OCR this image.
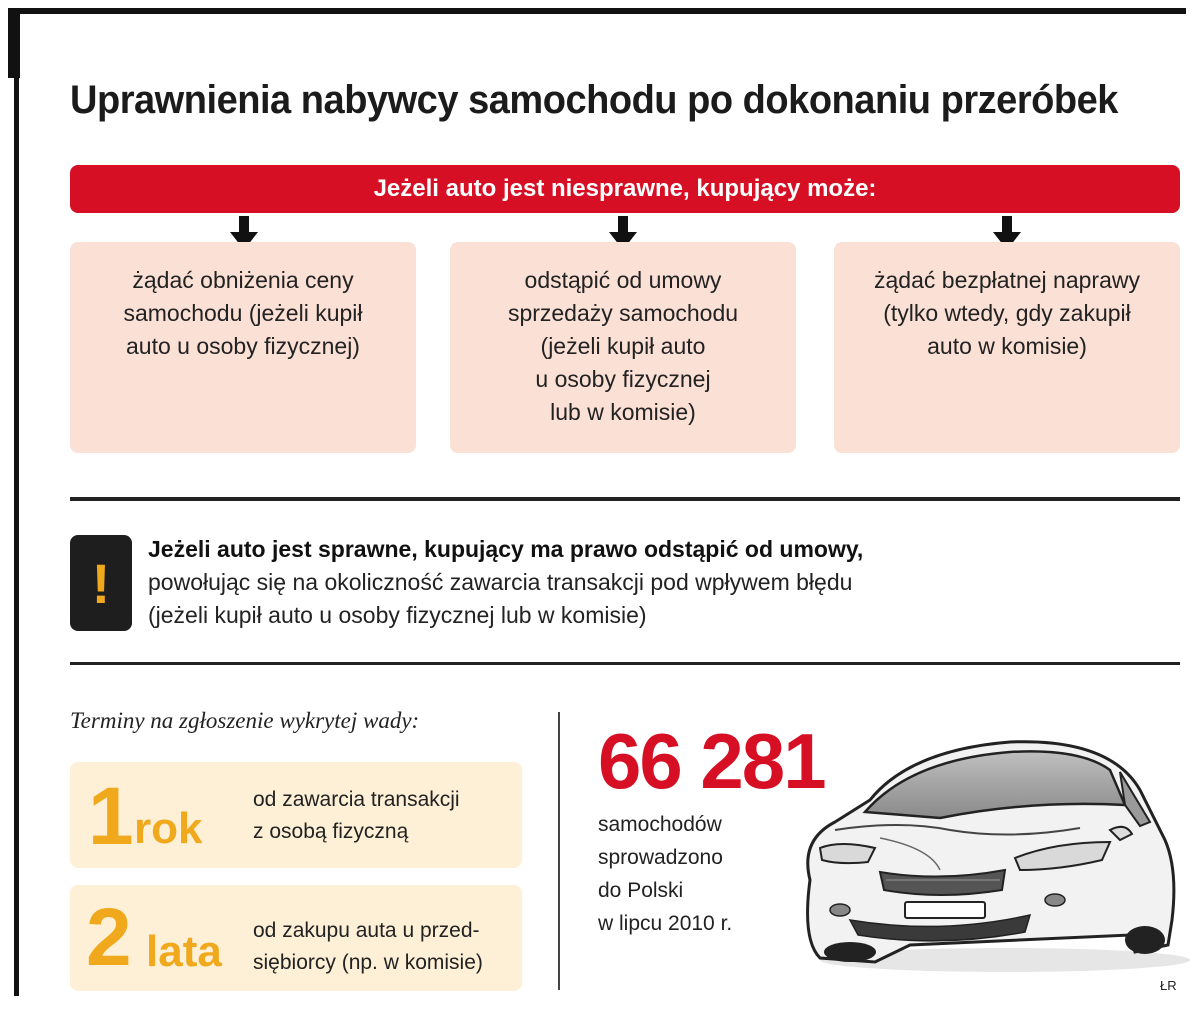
Uprawnienia nabywcy samochodu po dokonaniu przeróbek
Jeżeli auto jest niesprawne, kupujący może:
żądać obniżenia ceny
samochodu (jeżeli kupił
auto u osoby fizycznej)
odstąpić od umowy
sprzedaży samochodu
(jeżeli kupił auto
u osoby fizycznej
lub w komisie)
żądać bezpłatnej naprawy
(tylko wtedy, gdy zakupił
auto w komisie)
!
Jeżeli auto jest sprawne, kupujący ma prawo odstąpić od umowy,
powołując się na okoliczność zawarcia transakcji pod wpływem błędu
(jeżeli kupił auto u osoby fizycznej lub w komisie)
Terminy na zgłoszenie wykrytej wady:
1 rok
od zawarcia transakcji
z osobą fizyczną
2 lata od zakupu auta u przed-
siębiorcy (np. w komisie)
66 281
samochodów
sprowadzono
do Polski
w lipcu 2010 r.
ŁR
